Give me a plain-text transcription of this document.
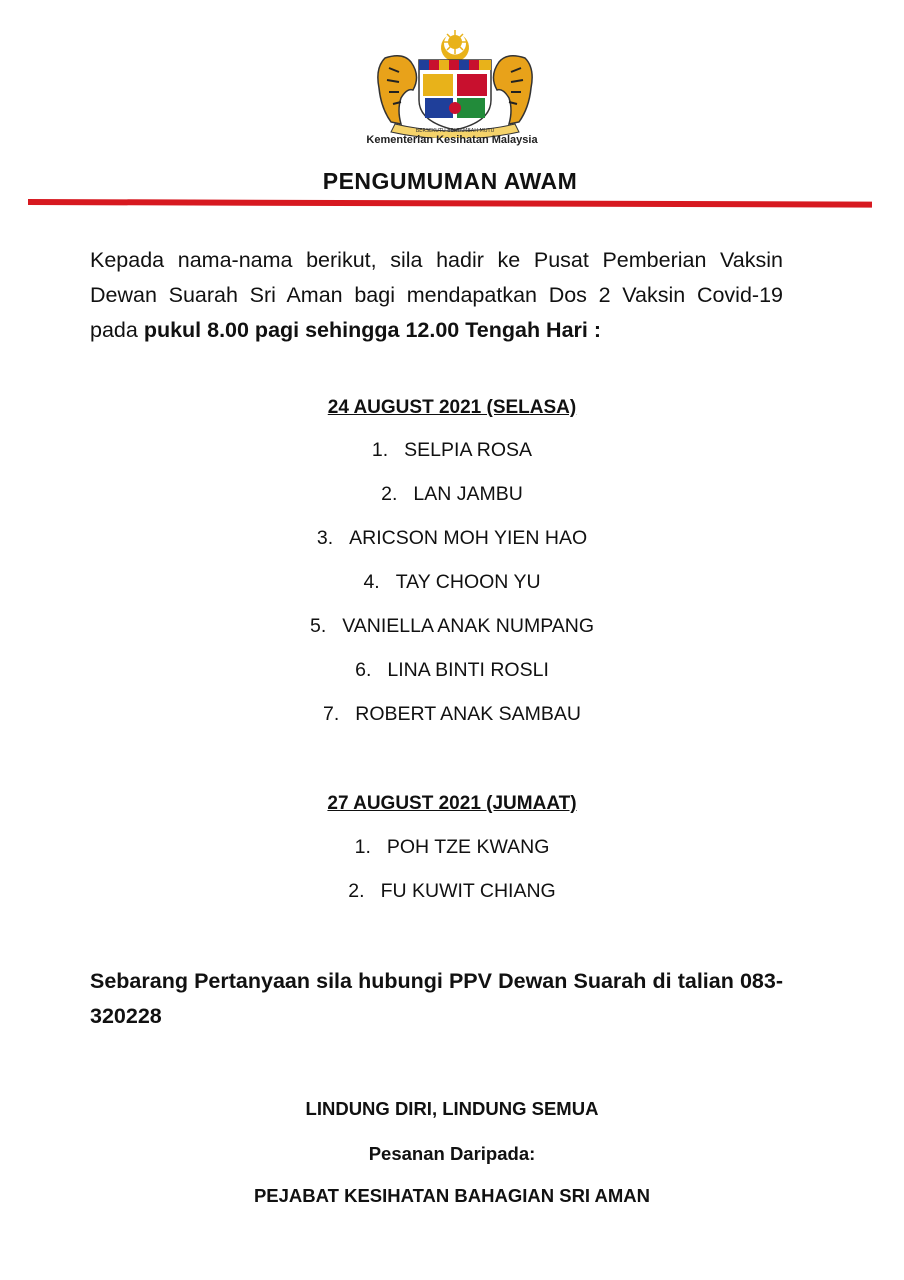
BERSEKUTU BERTAMBAH MUTU
Kementerian Kesihatan Malaysia
PENGUMUMAN AWAM
Kepada nama-nama berikut, sila hadir ke Pusat Pemberian Vaksin Dewan Suarah Sri Aman bagi mendapatkan Dos 2 Vaksin Covid-19 pada pukul 8.00 pagi sehingga 12.00 Tengah Hari :
24 AUGUST 2021 (SELASA)
1. SELPIA ROSA
2. LAN JAMBU
3. ARICSON MOH YIEN HAO
4. TAY CHOON YU
5. VANIELLA ANAK NUMPANG
6. LINA BINTI ROSLI
7. ROBERT ANAK SAMBAU
27 AUGUST 2021 (JUMAAT)
1. POH TZE KWANG
2. FU KUWIT CHIANG
Sebarang Pertanyaan sila hubungi PPV Dewan Suarah di talian 083-320228
LINDUNG DIRI, LINDUNG SEMUA
Pesanan Daripada:
PEJABAT KESIHATAN BAHAGIAN SRI AMAN
